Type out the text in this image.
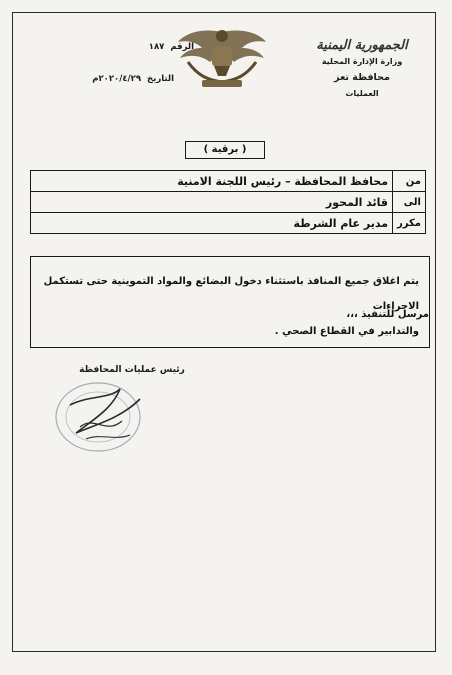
الجمهورية اليمنية
وزارة الإدارة المحلية
محافظة تعز
العمليات
الرقم
١٨٧
التاريخ
٢٠٢٠/٤/٢٩م
( برقية )
من	محافظ المحافظة – رئيس اللجنة الامنية
الى	قائد المحور
مكرر	مدير عام الشرطة
يتم اغلاق جميع المنافذ باستثناء دخول البضائع والمواد التموينية حتى تستكمل الاجراءات
والتدابير في القطاع الصحي .
مرسل للتنفيذ ،،،
رئيس عمليات المحافظة
